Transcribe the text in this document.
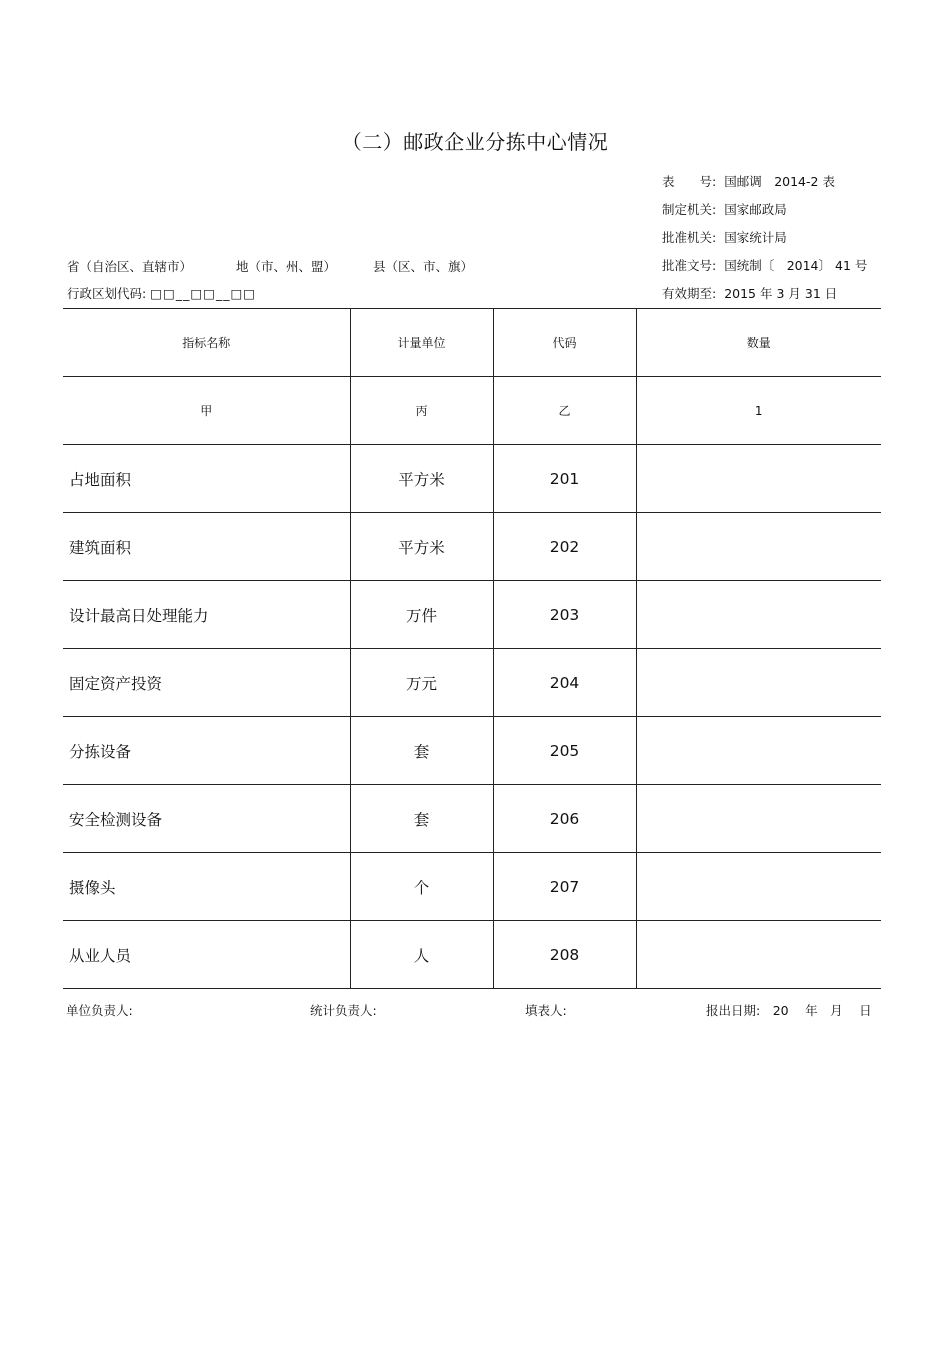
（二）邮政企业分拣中心情况
表　　号: 国邮调　2014-2 表
制定机关: 国家邮政局
批准机关: 国家统计局
批准文号: 国统制〔　2014〕 41 号
有效期至: 2015 年 3 月 31 日
省（自治区、直辖市）	地（市、州、盟）	县（区、市、旗）
行政区划代码: □□__□□__□□
指标名称	计量单位	代码	数量
甲	丙	乙	1
占地面积	平方米	201	
建筑面积	平方米	202	
设计最高日处理能力	万件	203	
固定资产投资	万元	204	
分拣设备	套	205	
安全检测设备	套	206	
摄像头	个	207	
从业人员	人	208	
单位负责人:	统计负责人:	填表人:	报出日期:　20　 年　月　 日
